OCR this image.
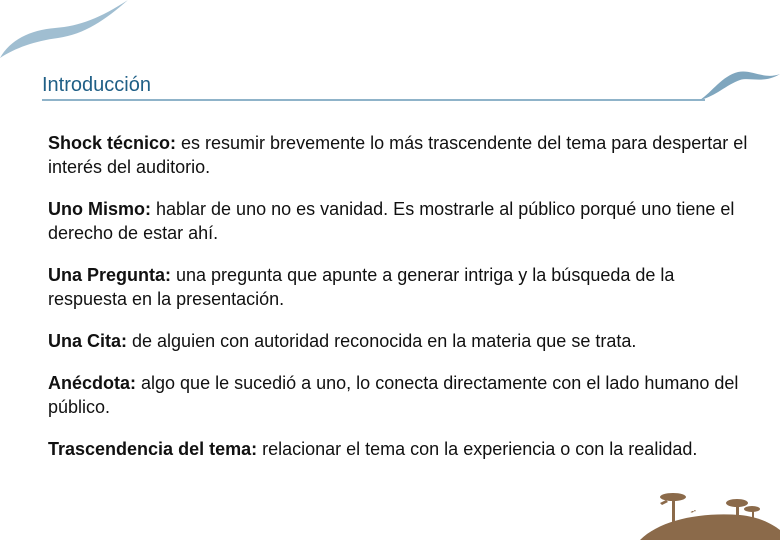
Introducción

Shock técnico: es resumir brevemente lo más trascendente del tema para despertar el interés del auditorio.

Uno Mismo: hablar de uno no es vanidad. Es mostrarle al público porqué uno tiene el derecho de estar ahí.

Una Pregunta: una pregunta que apunte a generar intriga y la búsqueda de la respuesta en la presentación.

Una Cita: de alguien con autoridad reconocida en la materia que se trata.

Anécdota: algo que le sucedió a uno, lo conecta directamente con el lado humano del público.

Trascendencia del tema: relacionar el tema con la experiencia o con la realidad.

84
